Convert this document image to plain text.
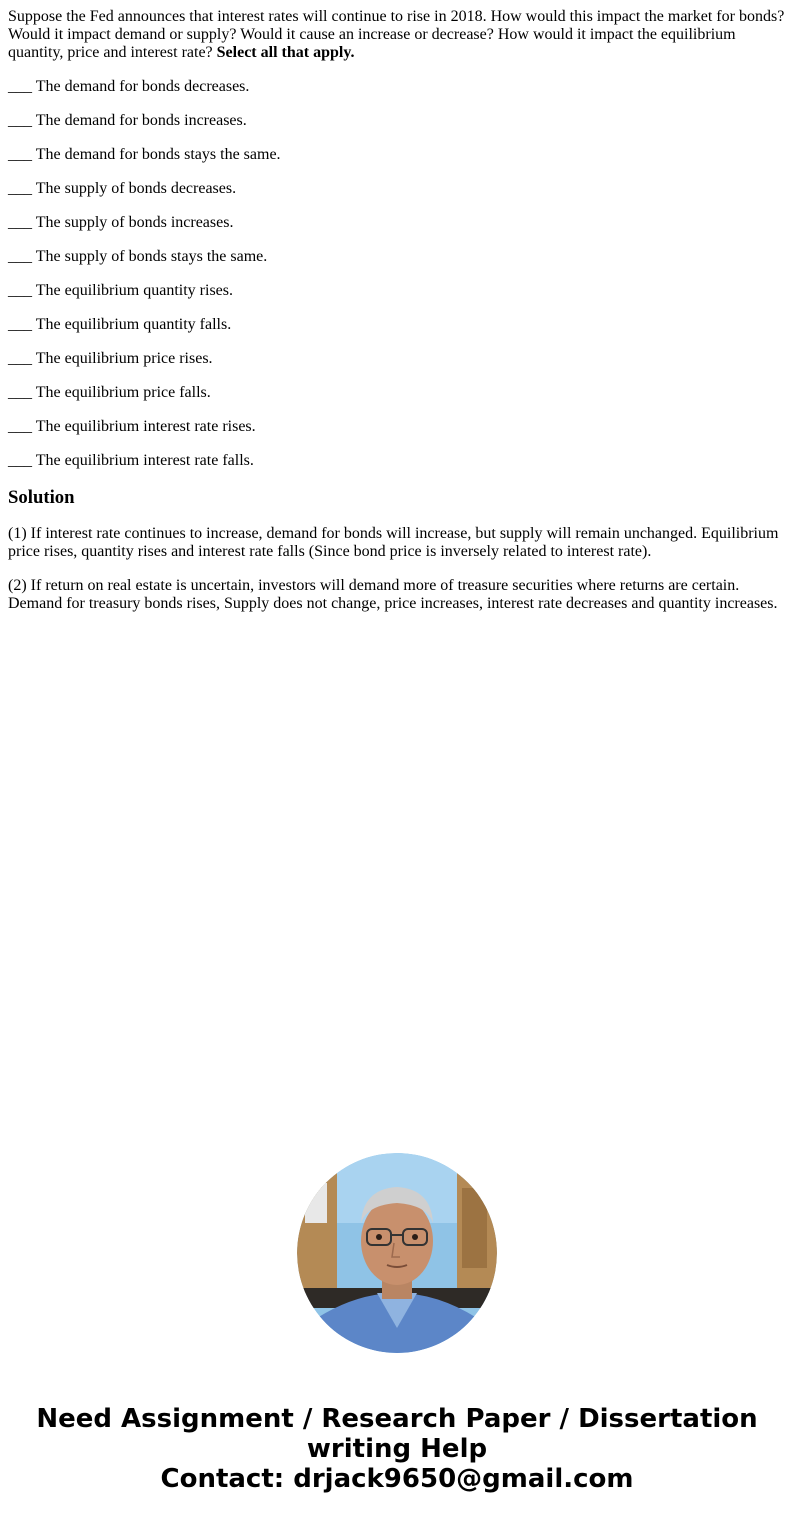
Suppose the Fed announces that interest rates will continue to rise in 2018. How would this impact the market for bonds? Would it impact demand or supply? Would it cause an increase or decrease? How would it impact the equilibrium quantity, price and interest rate? Select all that apply.

___ The demand for bonds decreases.

___ The demand for bonds increases.

___ The demand for bonds stays the same.

___ The supply of bonds decreases.

___ The supply of bonds increases.

___ The supply of bonds stays the same.

___ The equilibrium quantity rises.

___ The equilibrium quantity falls.

___ The equilibrium price rises.

___ The equilibrium price falls.

___ The equilibrium interest rate rises.

___ The equilibrium interest rate falls.

Solution

(1) If interest rate continues to increase, demand for bonds will increase, but supply will remain unchanged. Equilibrium price rises, quantity rises and interest rate falls (Since bond price is inversely related to interest rate).

(2) If return on real estate is uncertain, investors will demand more of treasure securities where returns are certain. Demand for treasury bonds rises, Supply does not change, price increases, interest rate decreases and quantity increases.

Need Assignment / Research Paper / Dissertation
writing Help
Contact: drjack9650@gmail.com
